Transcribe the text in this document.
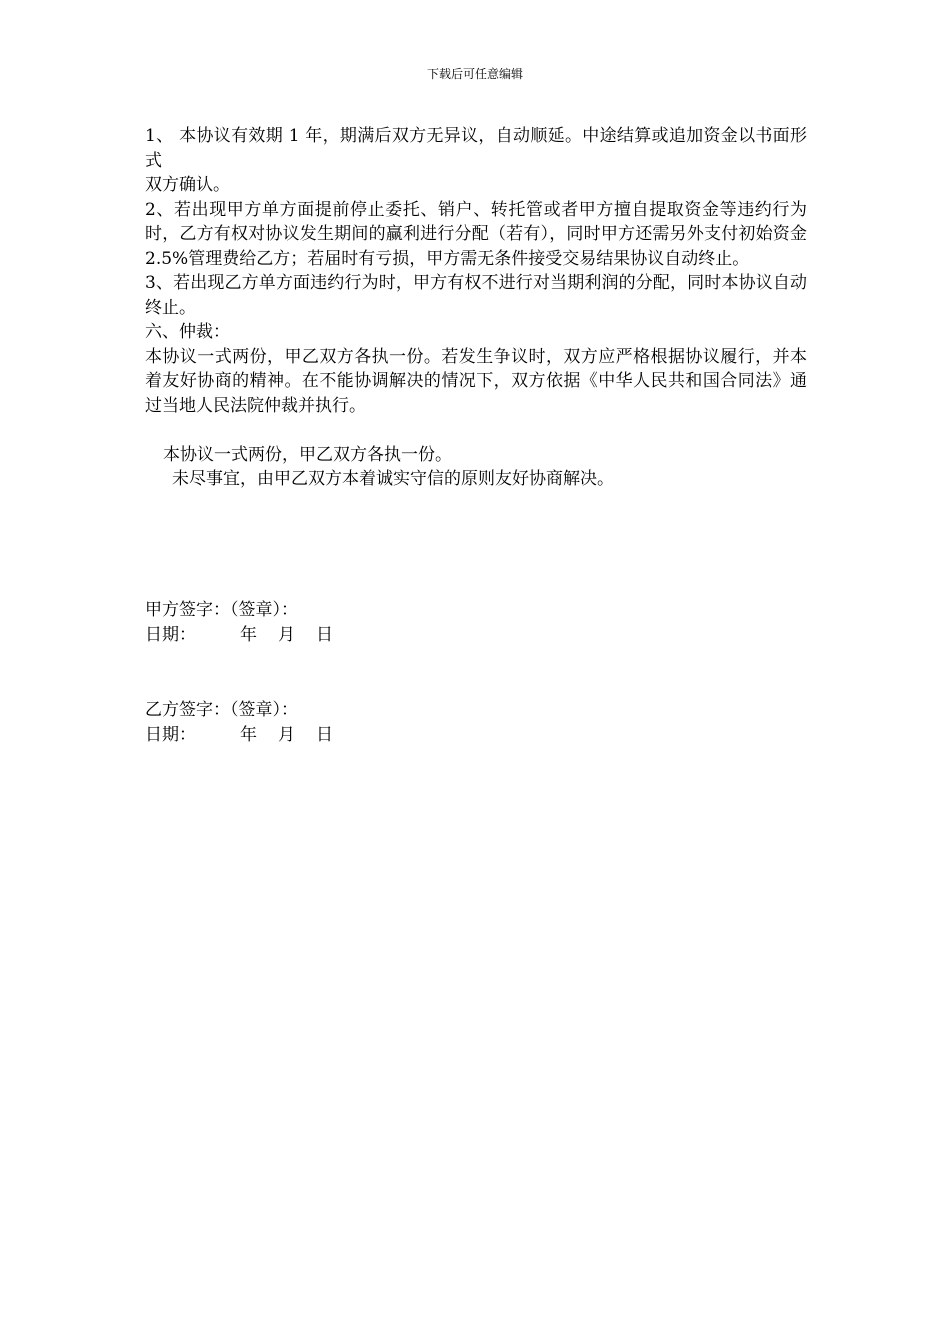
下载后可任意编辑

1、 本协议有效期 1 年，期满后双方无异议，自动顺延。中途结算或追加资金以书面形式

双方确认。

2、若出现甲方单方面提前停止委托、销户、转托管或者甲方擅自提取资金等违约行为时，乙方有权对协议发生期间的赢利进行分配（若有），同时甲方还需另外支付初始资金 2.5%管理费给乙方；若届时有亏损，甲方需无条件接受交易结果协议自动终止。

3、若出现乙方单方面违约行为时，甲方有权不进行对当期利润的分配，同时本协议自动终止。

六、仲裁：

本协议一式两份，甲乙双方各执一份。若发生争议时，双方应严格根据协议履行，并本着友好协商的精神。在不能协调解决的情况下，双方依据《中华人民共和国合同法》通过当地人民法院仲裁并执行。

本协议一式两份，甲乙双方各执一份。

未尽事宜，由甲乙双方本着诚实守信的原则友好协商解决。

甲方签字：（签章）：

日期：	年	月	日

乙方签字：（签章）：

日期：	年	月	日
